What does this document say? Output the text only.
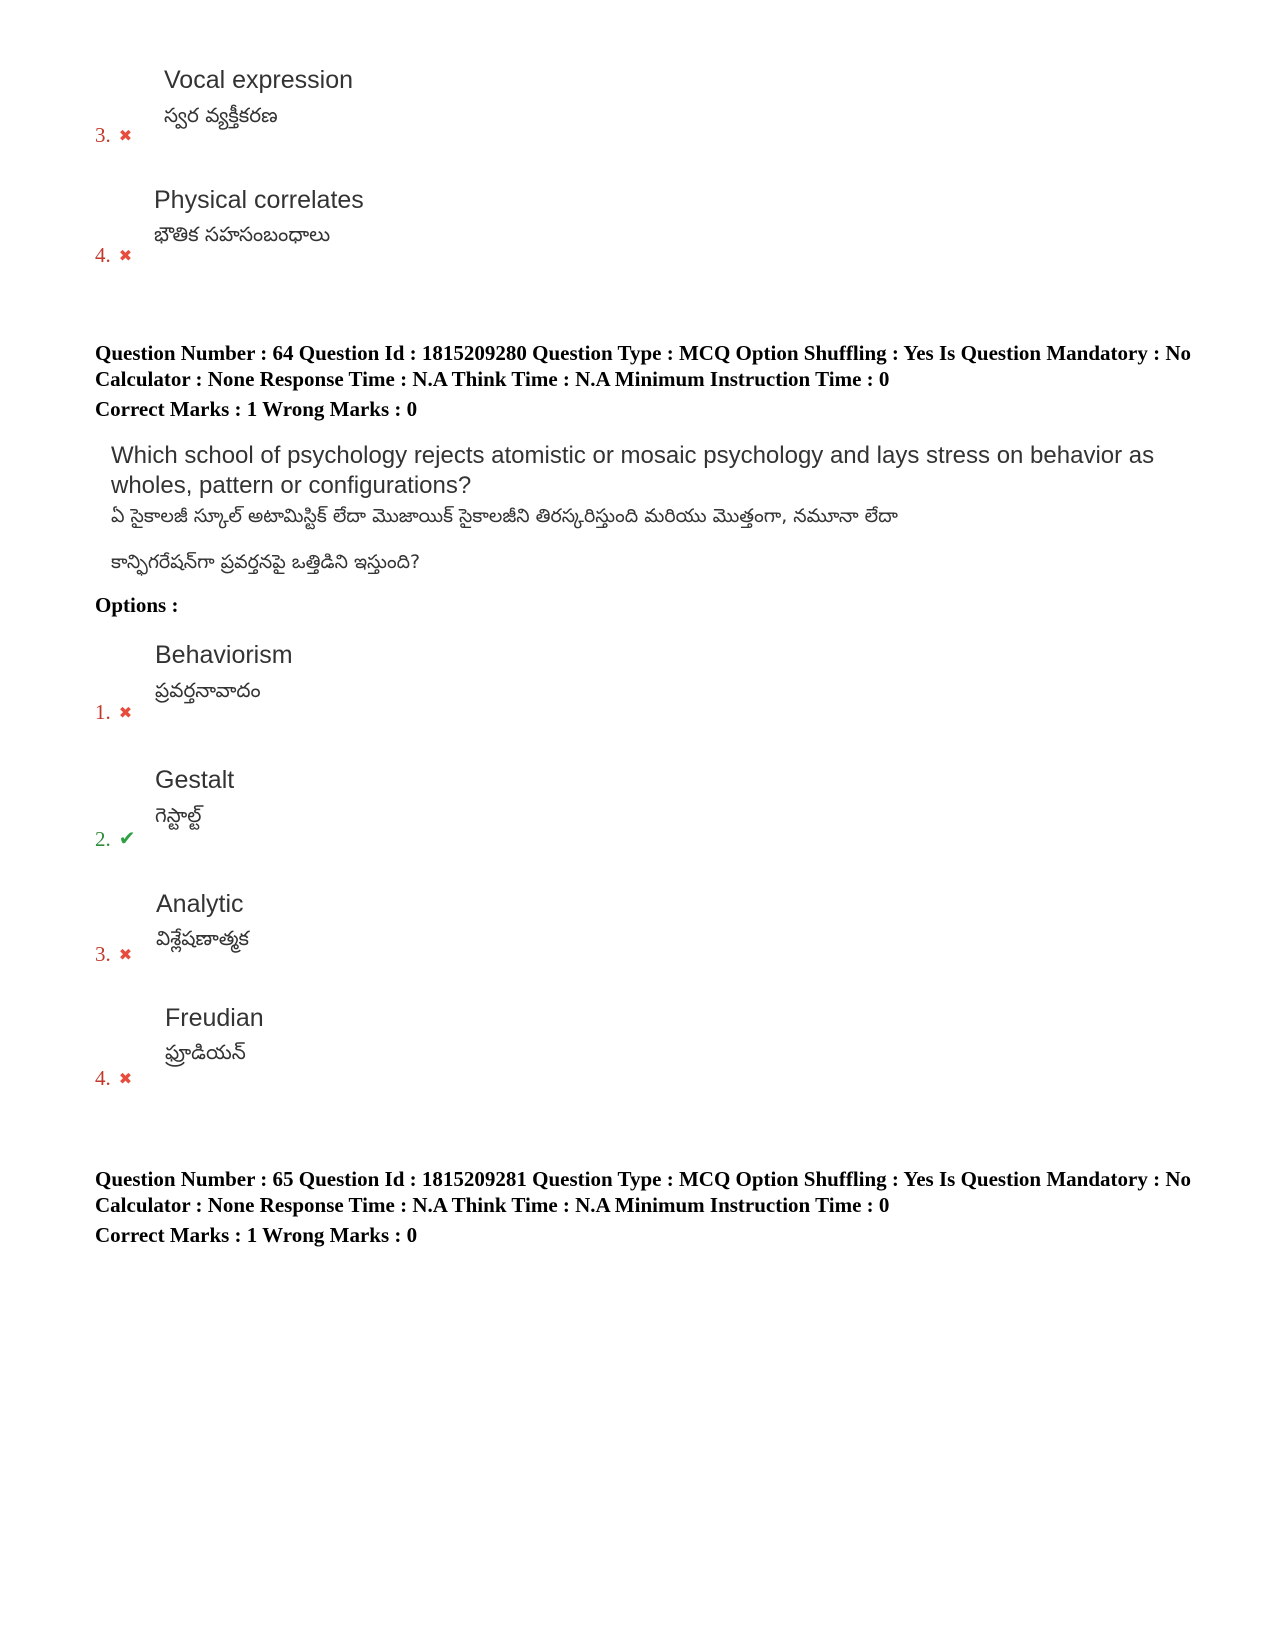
Vocal expression
స్వర వ్యక్తీకరణ
3. ✖
Physical correlates
భౌతిక సహసంబంధాలు
4. ✖
Question Number : 64 Question Id : 1815209280 Question Type : MCQ Option Shuffling : Yes Is Question Mandatory : No Calculator : None Response Time : N.A Think Time : N.A Minimum Instruction Time : 0
Correct Marks : 1 Wrong Marks : 0
Which school of psychology rejects atomistic or mosaic psychology and lays stress on behavior as wholes, pattern or configurations?
ఏ సైకాలజీ స్కూల్ అటామిస్టిక్ లేదా మొజాయిక్ సైకాలజీని తిరస్కరిస్తుంది మరియు మొత్తంగా, నమూనా లేదా
కాన్ఫిగరేషన్‌గా ప్రవర్తనపై ఒత్తిడిని ఇస్తుంది?
Options :
Behaviorism
ప్రవర్తనావాదం
1. ✖
Gestalt
గెస్టాల్ట్
2. ✔
Analytic
విశ్లేషణాత్మక
3. ✖
Freudian
ఫ్రూడియన్
4. ✖
Question Number : 65 Question Id : 1815209281 Question Type : MCQ Option Shuffling : Yes Is Question Mandatory : No Calculator : None Response Time : N.A Think Time : N.A Minimum Instruction Time : 0
Correct Marks : 1 Wrong Marks : 0
